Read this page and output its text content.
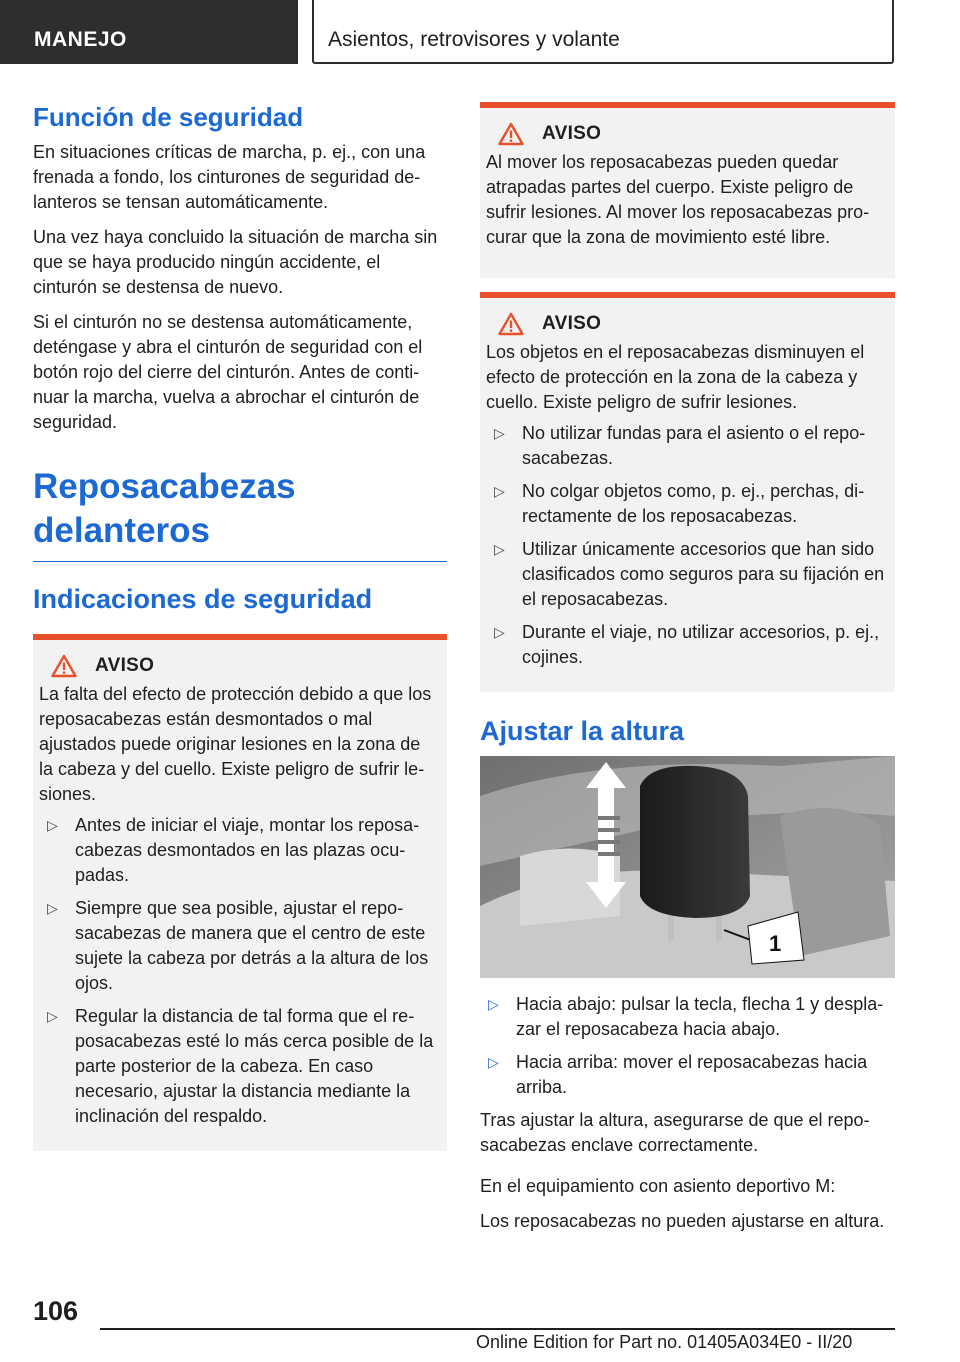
MANEJO	Asientos, retrovisores y volante
Función de seguridad

En situaciones críticas de marcha, p. ej., con una frenada a fondo, los cinturones de seguridad delanteros se tensan automáticamente.

Una vez haya concluido la situación de marcha sin que se haya producido ningún accidente, el cinturón se destensa de nuevo.

Si el cinturón no se destensa automáticamente, deténgase y abra el cinturón de seguridad con el botón rojo del cierre del cinturón. Antes de continuar la marcha, vuelva a abrochar el cinturón de seguridad.

Reposacabezas delanteros
Indicaciones de seguridad
AVISO

La falta del efecto de protección debido a que los reposacabezas están desmontados o mal ajustados puede originar lesiones en la zona de la cabeza y del cuello. Existe peligro de sufrir lesiones.

▷ Antes de iniciar el viaje, montar los reposacabezas desmontados en las plazas ocupadas.
▷ Siempre que sea posible, ajustar el reposacabezas de manera que el centro de este sujete la cabeza por detrás a la altura de los ojos.
▷ Regular la distancia de tal forma que el reposacabezas esté lo más cerca posible de la parte posterior de la cabeza. En caso necesario, ajustar la distancia mediante la inclinación del respaldo.
AVISO

Al mover los reposacabezas pueden quedar atrapadas partes del cuerpo. Existe peligro de sufrir lesiones. Al mover los reposacabezas procurar que la zona de movimiento esté libre.

AVISO

Los objetos en el reposacabezas disminuyen el efecto de protección en la zona de la cabeza y cuello. Existe peligro de sufrir lesiones.

▷ No utilizar fundas para el asiento o el reposacabezas.
▷ No colgar objetos como, p. ej., perchas, directamente de los reposacabezas.
▷ Utilizar únicamente accesorios que han sido clasificados como seguros para su fijación en el reposacabezas.
▷ Durante el viaje, no utilizar accesorios, p. ej., cojines.
Ajustar la altura
1
▷ Hacia abajo: pulsar la tecla, flecha 1 y desplazar el reposacabeza hacia abajo.
▷ Hacia arriba: mover el reposacabezas hacia arriba.

Tras ajustar la altura, asegurarse de que el reposacabezas enclave correctamente.

En el equipamiento con asiento deportivo M:

Los reposacabezas no pueden ajustarse en altura.

106
Online Edition for Part no. 01405A034E0 - II/20
